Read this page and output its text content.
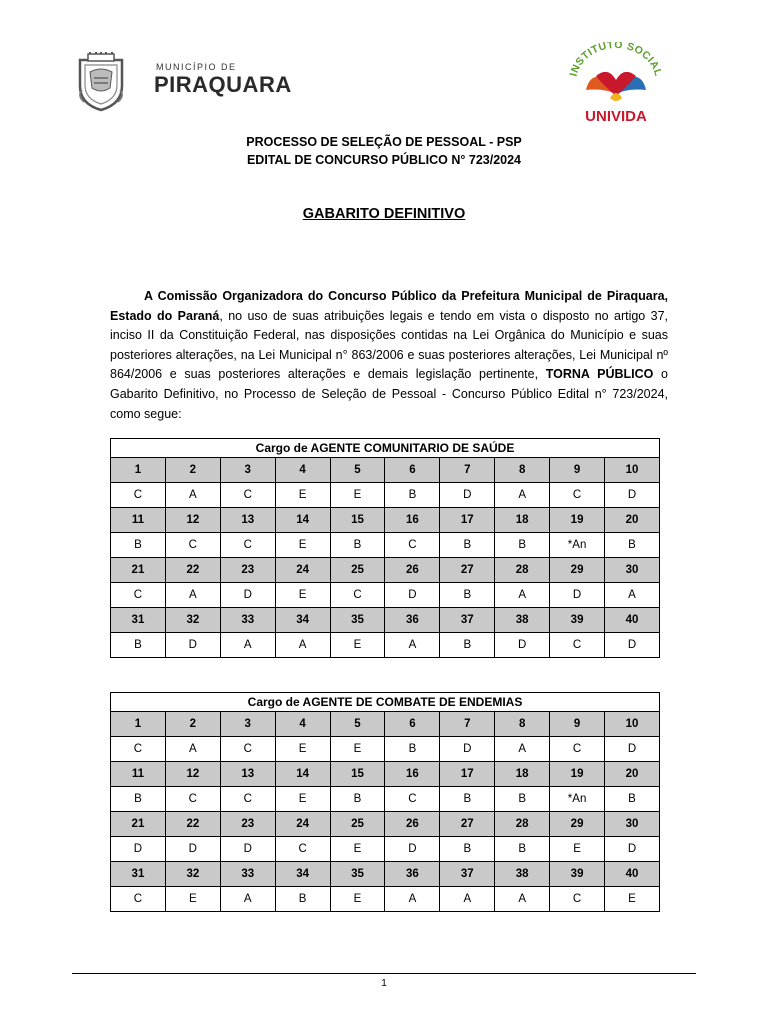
MUNICÍPIO DE
PIRAQUARA	INSTITUTO SOCIAL
UNIVIDA
PROCESSO DE SELEÇÃO DE PESSOAL - PSP
EDITAL DE CONCURSO PÚBLICO N° 723/2024
GABARITO DEFINITIVO
A Comissão Organizadora do Concurso Público da Prefeitura Municipal de Piraquara, Estado do Paraná, no uso de suas atribuições legais e tendo em vista o disposto no artigo 37, inciso II da Constituição Federal, nas disposições contidas na Lei Orgânica do Município e suas posteriores alterações, na Lei Municipal n° 863/2006 e suas posteriores alterações, Lei Municipal nº 864/2006 e suas posteriores alterações e demais legislação pertinente, TORNA PÚBLICO o Gabarito Definitivo, no Processo de Seleção de Pessoal - Concurso Público Edital n° 723/2024, como segue:
Cargo de AGENTE COMUNITARIO DE SAÚDE									
1	2	3	4	5	6	7	8	9	10
C	A	C	E	E	B	D	A	C	D
11	12	13	14	15	16	17	18	19	20
B	C	C	E	B	C	B	B	*An	B
21	22	23	24	25	26	27	28	29	30
C	A	D	E	C	D	B	A	D	A
31	32	33	34	35	36	37	38	39	40
B	D	A	A	E	A	B	D	C	D
Cargo de AGENTE DE COMBATE DE ENDEMIAS									
1	2	3	4	5	6	7	8	9	10
C	A	C	E	E	B	D	A	C	D
11	12	13	14	15	16	17	18	19	20
B	C	C	E	B	C	B	B	*An	B
21	22	23	24	25	26	27	28	29	30
D	D	D	C	E	D	B	B	E	D
31	32	33	34	35	36	37	38	39	40
C	E	A	B	E	A	A	A	C	E
1
